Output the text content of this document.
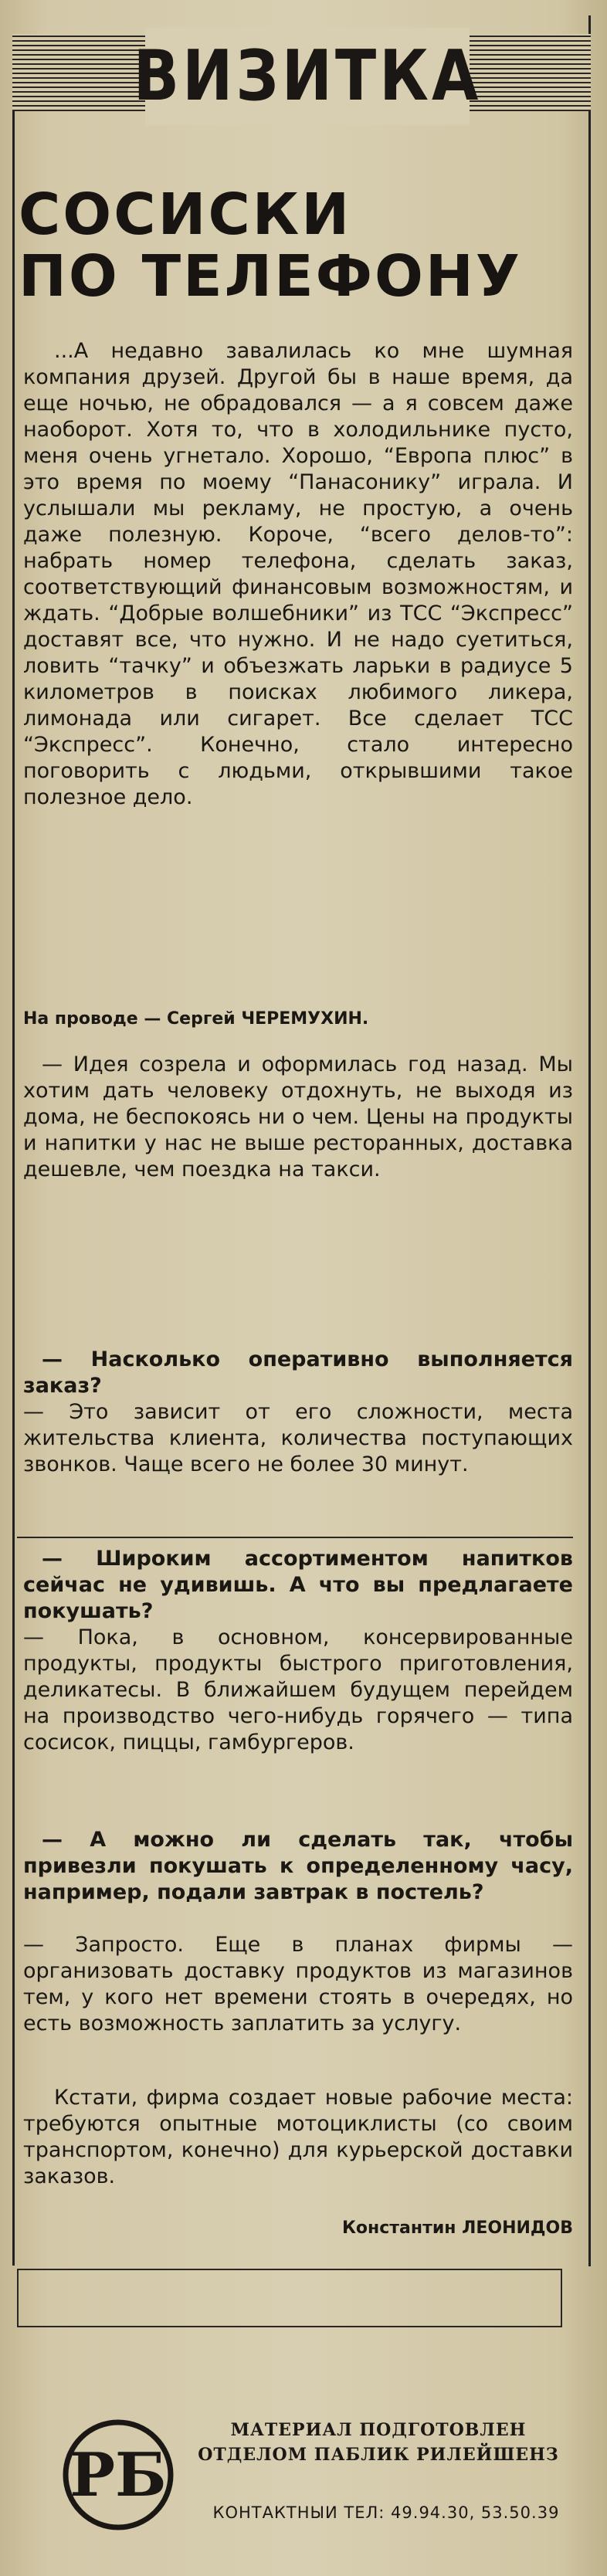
ВИЗИТКА
СОСИСКИ
ПО ТЕЛЕФОНУ
...А недавно завалилась ко мне шумная компания друзей. Другой бы в наше время, да еще ночью, не обрадовался — а я совсем даже наоборот. Хотя то, что в холодильнике пусто, меня очень угнетало. Хорошо, “Европа плюс” в это время по моему “Панасонику” играла. И услышали мы рекламу, не простую, а очень даже полезную. Короче, “всего делов-то”: набрать номер телефона, сделать заказ, соответствующий финансовым возможностям, и ждать. “Добрые волшебники” из ТСС “Экспресс” доставят все, что нужно. И не надо суетиться, ловить “тачку” и объезжать ларьки в радиусе 5 километров в поисках любимого ликера, лимонада или сигарет. Все сделает ТСС “Экспресс”. Конечно, стало интересно поговорить с людьми, открывшими такое полезное дело.
На проводе — Сергей ЧЕРЕМУХИН.
— Идея созрела и оформилась год назад. Мы хотим дать человеку отдохнуть, не выходя из дома, не беспокоясь ни о чем. Цены на продукты и напитки у нас не выше ресторанных, доставка дешевле, чем поездка на такси.
— Насколько оперативно выполняется заказ?
— Это зависит от его сложности, места жительства клиента, количества поступающих звонков. Чаще всего не более 30 минут.
— Широким ассортиментом напитков сейчас не удивишь. А что вы предлагаете покушать?
— Пока, в основном, консервированные продукты, продукты быстрого приготовления, деликатесы. В ближайшем будущем перейдем на производство чего-нибудь горячего — типа сосисок, пиццы, гамбургеров.
— А можно ли сделать так, чтобы привезли покушать к определенному часу, например, подали завтрак в постель?
— Запросто. Еще в планах фирмы — организовать доставку продуктов из магазинов тем, у кого нет времени стоять в очередях, но есть возможность заплатить за услугу.
Кстати, фирма создает новые рабочие места: требуются опытные мотоциклисты (со своим транспортом, конечно) для курьерской доставки заказов.
Константин ЛЕОНИДОВ
РБ
МАТЕРИАЛ ПОДГОТОВЛЕН
ОТДЕЛОМ ПАБЛИК РИЛЕЙШЕНЗ
КОНТАКТНЫИ ТЕЛ: 49.94.30, 53.50.39
